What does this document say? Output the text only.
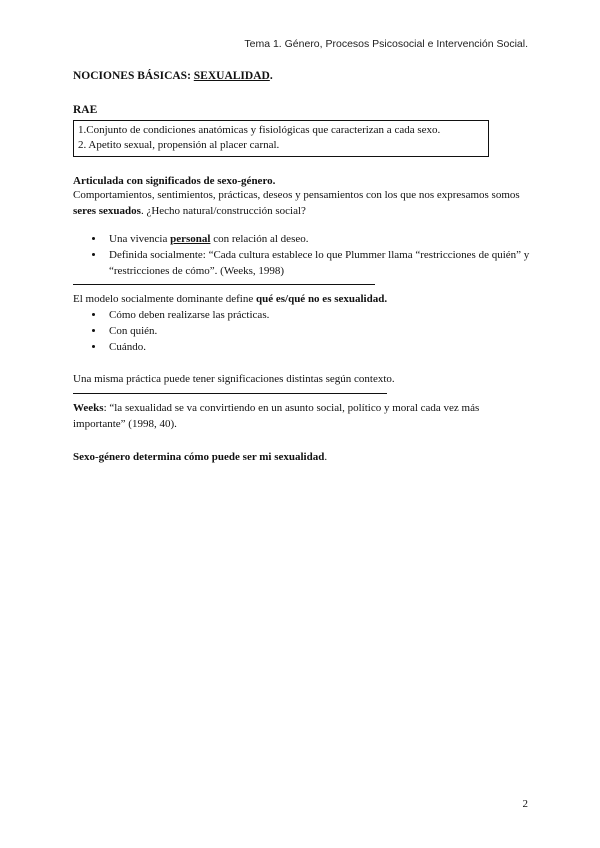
Tema 1. Género, Procesos Psicosocial e Intervención Social.
NOCIONES BÁSICAS: SEXUALIDAD.
RAE
1.Conjunto de condiciones anatómicas y fisiológicas que caracterizan a cada sexo.
2. Apetito sexual, propensión al placer carnal.
Articulada con significados de sexo-género.

Comportamientos, sentimientos, prácticas, deseos y pensamientos con los que nos expresamos somos seres sexuados. ¿Hecho natural/construcción social?

• Una vivencia personal con relación al deseo.
• Definida socialmente: “Cada cultura establece lo que Plummer llama “restricciones de quién” y “restricciones de cómo”. (Weeks, 1998)

El modelo socialmente dominante define qué es/qué no es sexualidad.

• Cómo deben realizarse las prácticas.
• Con quién.
• Cuándo.

Una misma práctica puede tener significaciones distintas según contexto.

Weeks: “la sexualidad se va convirtiendo en un asunto social, político y moral cada vez más importante” (1998, 40).

Sexo-género determina cómo puede ser mi sexualidad.

2
